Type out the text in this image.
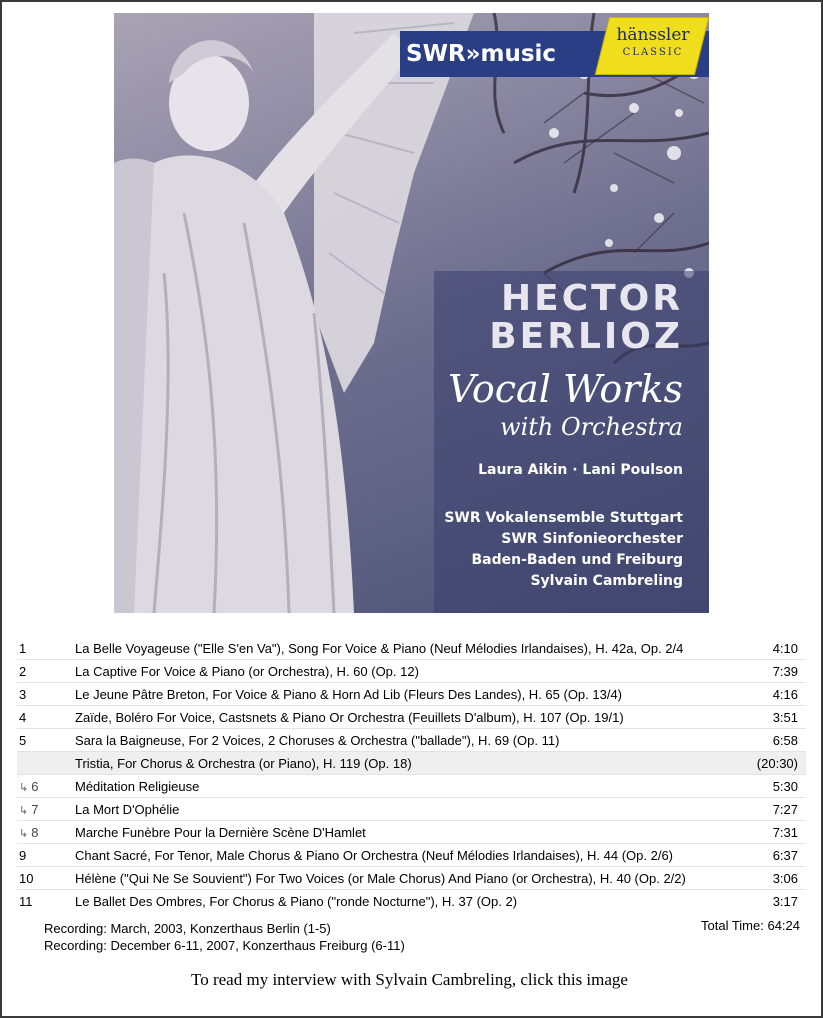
SWR»music
hänssler
CLASSIC
HECTOR
BERLIOZ
Vocal Works
with Orchestra
Laura Aikin · Lani Poulson
SWR Vokalensemble Stuttgart
SWR Sinfonieorchester
Baden-Baden und Freiburg
Sylvain Cambreling
1	La Belle Voyageuse ("Elle S'en Va"), Song For Voice & Piano (Neuf Mélodies Irlandaises), H. 42a, Op. 2/4	4:10
2	La Captive For Voice & Piano (or Orchestra), H. 60 (Op. 12)	7:39
3	Le Jeune Pâtre Breton, For Voice & Piano & Horn Ad Lib (Fleurs Des Landes), H. 65 (Op. 13/4)	4:16
4	Zaïde, Boléro For Voice, Castsnets & Piano Or Orchestra (Feuillets D'album), H. 107 (Op. 19/1)	3:51
5	Sara la Baigneuse, For 2 Voices, 2 Choruses & Orchestra ("ballade"), H. 69 (Op. 11)	6:58
Tristia, For Chorus & Orchestra (or Piano), H. 119 (Op. 18)	(20:30)
↳ 6	Méditation Religieuse	5:30
↳ 7	La Mort D'Ophélie	7:27
↳ 8	Marche Funèbre Pour la Dernière Scène D'Hamlet	7:31
9	Chant Sacré, For Tenor, Male Chorus & Piano Or Orchestra (Neuf Mélodies Irlandaises), H. 44 (Op. 2/6)	6:37
10	Hélène ("Qui Ne Se Souvient") For Two Voices (or Male Chorus) And Piano (or Orchestra), H. 40 (Op. 2/2)	3:06
11	Le Ballet Des Ombres, For Chorus & Piano ("ronde Nocturne"), H. 37 (Op. 2)	3:17
Recording: March, 2003, Konzerthaus Berlin (1-5)
Recording: December 6-11, 2007, Konzerthaus Freiburg (6-11)
Total Time: 64:24
To read my interview with Sylvain Cambreling, click this image
